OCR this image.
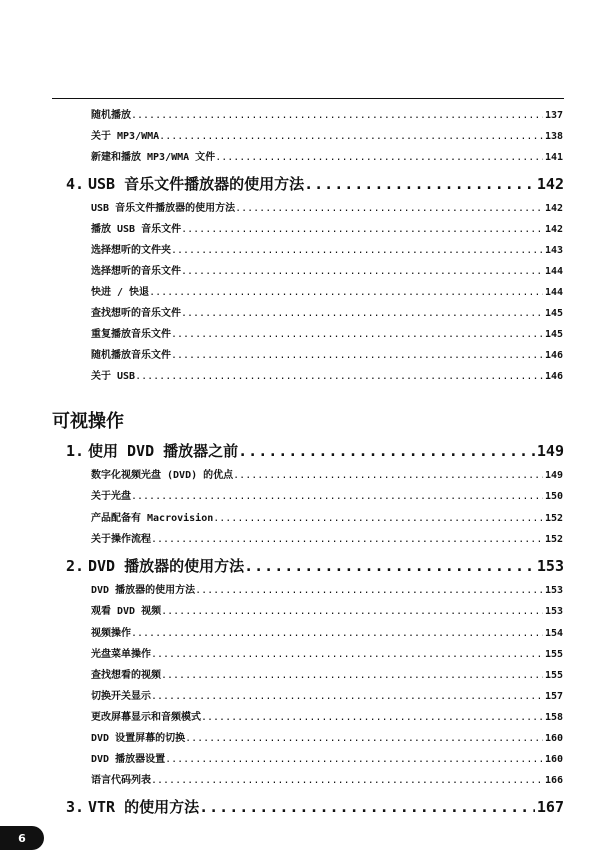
随机播放 .....	137
关于 MP3/WMA .....	138
新建和播放 MP3/WMA 文件 .....	141
4. USB 音乐文件播放器的使用方法 .....	142
USB 音乐文件播放器的使用方法 .....	142
播放 USB 音乐文件 .....	142
选择想听的文件夹 .....	143
选择想听的音乐文件 .....	144
快进 / 快退 .....	144
查找想听的音乐文件 .....	145
重复播放音乐文件 .....	145
随机播放音乐文件 .....	146
关于 USB .....	146
可视操作
1. 使用 DVD 播放器之前 .....	149
数字化视频光盘 (DVD) 的优点 .....	149
关于光盘 .....	150
产品配备有 Macrovision .....	152
关于操作流程 .....	152
2. DVD 播放器的使用方法 .....	153
DVD 播放器的使用方法 .....	153
观看 DVD 视频 .....	153
视频操作 .....	154
光盘菜单操作 .....	155
查找想看的视频 .....	155
切换开关显示 .....	157
更改屏幕显示和音频模式 .....	158
DVD 设置屏幕的切换 .....	160
DVD 播放器设置 .....	160
语言代码列表 .....	166
3. VTR 的使用方法 .....	167
6
